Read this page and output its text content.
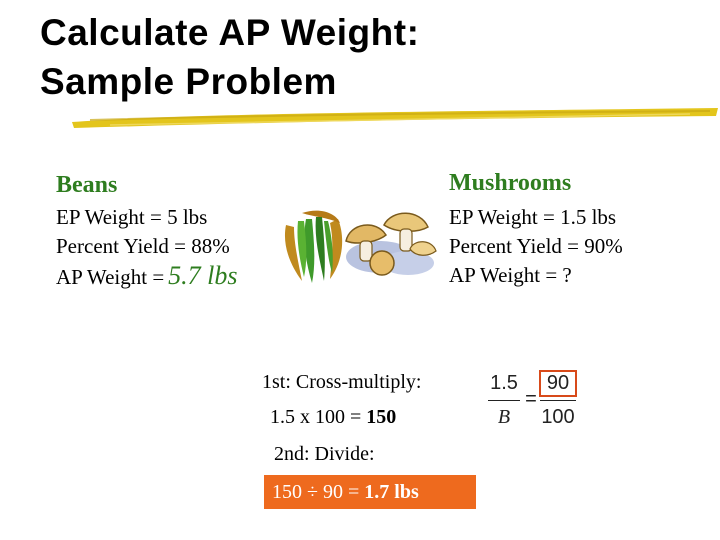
Calculate AP Weight:
Sample Problem
Beans
EP Weight = 5 lbs
Percent Yield = 88%
AP Weight = 5.7 lbs
Mushrooms
EP Weight = 1.5 lbs
Percent Yield = 90%
AP Weight = ?
1st: Cross-multiply:
1.5 x 100 = 150
2nd: Divide:
150 ÷ 90 = 1.7 lbs
1.5
B
=
90
100
